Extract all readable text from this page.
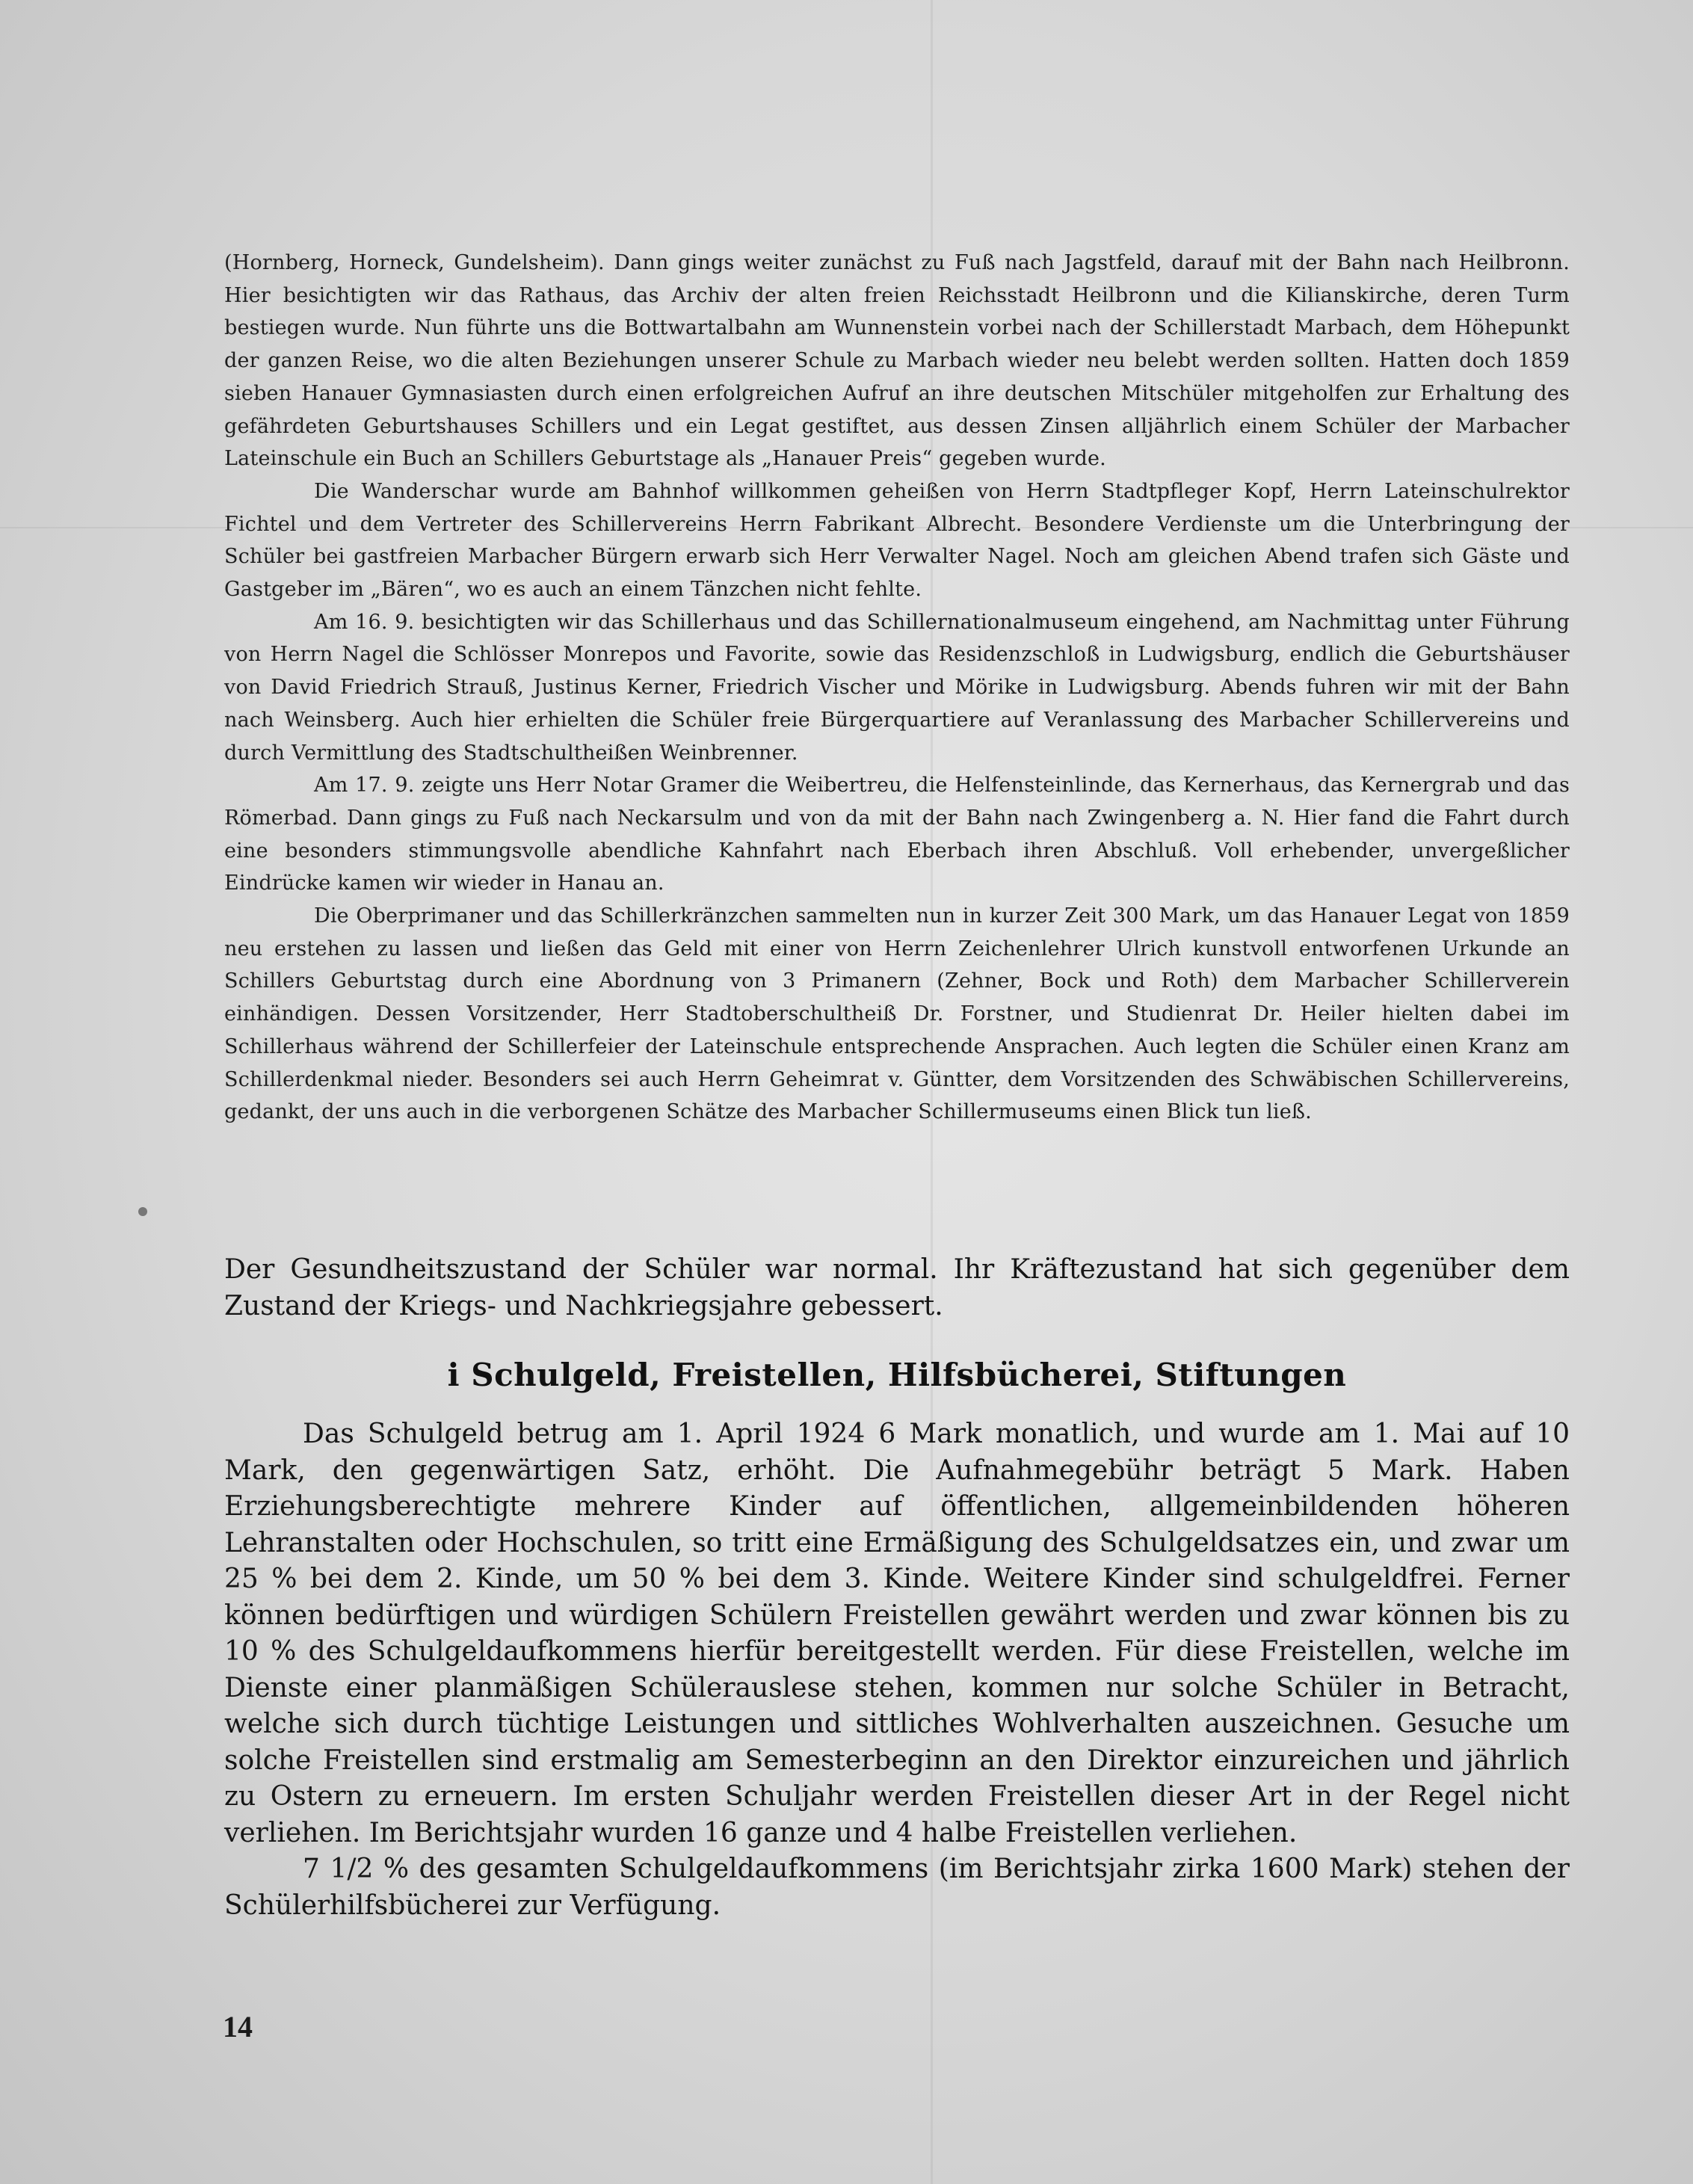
(Hornberg, Horneck, Gundelsheim). Dann gings weiter zunächst zu Fuß nach Jagstfeld, darauf mit der Bahn nach Heilbronn. Hier besichtigten wir das Rathaus, das Archiv der alten freien Reichsstadt Heilbronn und die Kilianskirche, deren Turm bestiegen wurde. Nun führte uns die Bottwartalbahn am Wunnenstein vorbei nach der Schillerstadt Marbach, dem Höhepunkt der ganzen Reise, wo die alten Beziehungen unserer Schule zu Marbach wieder neu belebt werden sollten. Hatten doch 1859 sieben Hanauer Gymnasiasten durch einen erfolgreichen Aufruf an ihre deutschen Mitschüler mitgeholfen zur Erhaltung des gefährdeten Geburtshauses Schillers und ein Legat gestiftet, aus dessen Zinsen alljährlich einem Schüler der Marbacher Lateinschule ein Buch an Schillers Geburtstage als „Hanauer Preis“ gegeben wurde.

Die Wanderschar wurde am Bahnhof willkommen geheißen von Herrn Stadtpfleger Kopf, Herrn Lateinschulrektor Fichtel und dem Vertreter des Schillervereins Herrn Fabrikant Albrecht. Besondere Verdienste um die Unterbringung der Schüler bei gastfreien Marbacher Bürgern erwarb sich Herr Verwalter Nagel. Noch am gleichen Abend trafen sich Gäste und Gastgeber im „Bären“, wo es auch an einem Tänzchen nicht fehlte.

Am 16. 9. besichtigten wir das Schillerhaus und das Schillernationalmuseum eingehend, am Nachmittag unter Führung von Herrn Nagel die Schlösser Monrepos und Favorite, sowie das Residenzschloß in Ludwigsburg, endlich die Geburtshäuser von David Friedrich Strauß, Justinus Kerner, Friedrich Vischer und Mörike in Ludwigsburg. Abends fuhren wir mit der Bahn nach Weinsberg. Auch hier erhielten die Schüler freie Bürgerquartiere auf Veranlassung des Marbacher Schillervereins und durch Vermittlung des Stadtschultheißen Weinbrenner.

Am 17. 9. zeigte uns Herr Notar Gramer die Weibertreu, die Helfensteinlinde, das Kernerhaus, das Kernergrab und das Römerbad. Dann gings zu Fuß nach Neckarsulm und von da mit der Bahn nach Zwingenberg a. N. Hier fand die Fahrt durch eine besonders stimmungsvolle abendliche Kahnfahrt nach Eberbach ihren Abschluß. Voll erhebender, unvergeßlicher Eindrücke kamen wir wieder in Hanau an.

Die Oberprimaner und das Schillerkränzchen sammelten nun in kurzer Zeit 300 Mark, um das Hanauer Legat von 1859 neu erstehen zu lassen und ließen das Geld mit einer von Herrn Zeichenlehrer Ulrich kunstvoll entworfenen Urkunde an Schillers Geburtstag durch eine Abordnung von 3 Primanern (Zehner, Bock und Roth) dem Marbacher Schillerverein einhändigen. Dessen Vorsitzender, Herr Stadtoberschultheiß Dr. Forstner, und Studienrat Dr. Heiler hielten dabei im Schillerhaus während der Schillerfeier der Lateinschule entsprechende Ansprachen. Auch legten die Schüler einen Kranz am Schillerdenkmal nieder. Besonders sei auch Herrn Geheimrat v. Güntter, dem Vorsitzenden des Schwäbischen Schillervereins, gedankt, der uns auch in die verborgenen Schätze des Marbacher Schillermuseums einen Blick tun ließ.

Der Gesundheitszustand der Schüler war normal. Ihr Kräftezustand hat sich gegenüber dem Zustand der Kriegs- und Nachkriegsjahre gebessert.

i Schulgeld, Freistellen, Hilfsbücherei, Stiftungen

Das Schulgeld betrug am 1. April 1924 6 Mark monatlich, und wurde am 1. Mai auf 10 Mark, den gegenwärtigen Satz, erhöht. Die Aufnahmegebühr beträgt 5 Mark. Haben Erziehungsberechtigte mehrere Kinder auf öffentlichen, allgemeinbildenden höheren Lehranstalten oder Hochschulen, so tritt eine Ermäßigung des Schulgeldsatzes ein, und zwar um 25 % bei dem 2. Kinde, um 50 % bei dem 3. Kinde. Weitere Kinder sind schulgeldfrei. Ferner können bedürftigen und würdigen Schülern Freistellen gewährt werden und zwar können bis zu 10 % des Schulgeldaufkommens hierfür bereitgestellt werden. Für diese Freistellen, welche im Dienste einer planmäßigen Schülerauslese stehen, kommen nur solche Schüler in Betracht, welche sich durch tüchtige Leistungen und sittliches Wohlverhalten auszeichnen. Gesuche um solche Freistellen sind erstmalig am Semesterbeginn an den Direktor einzureichen und jährlich zu Ostern zu erneuern. Im ersten Schuljahr werden Freistellen dieser Art in der Regel nicht verliehen. Im Berichtsjahr wurden 16 ganze und 4 halbe Freistellen verliehen.

7 1/2 % des gesamten Schulgeldaufkommens (im Berichtsjahr zirka 1600 Mark) stehen der Schülerhilfsbücherei zur Verfügung.

14
